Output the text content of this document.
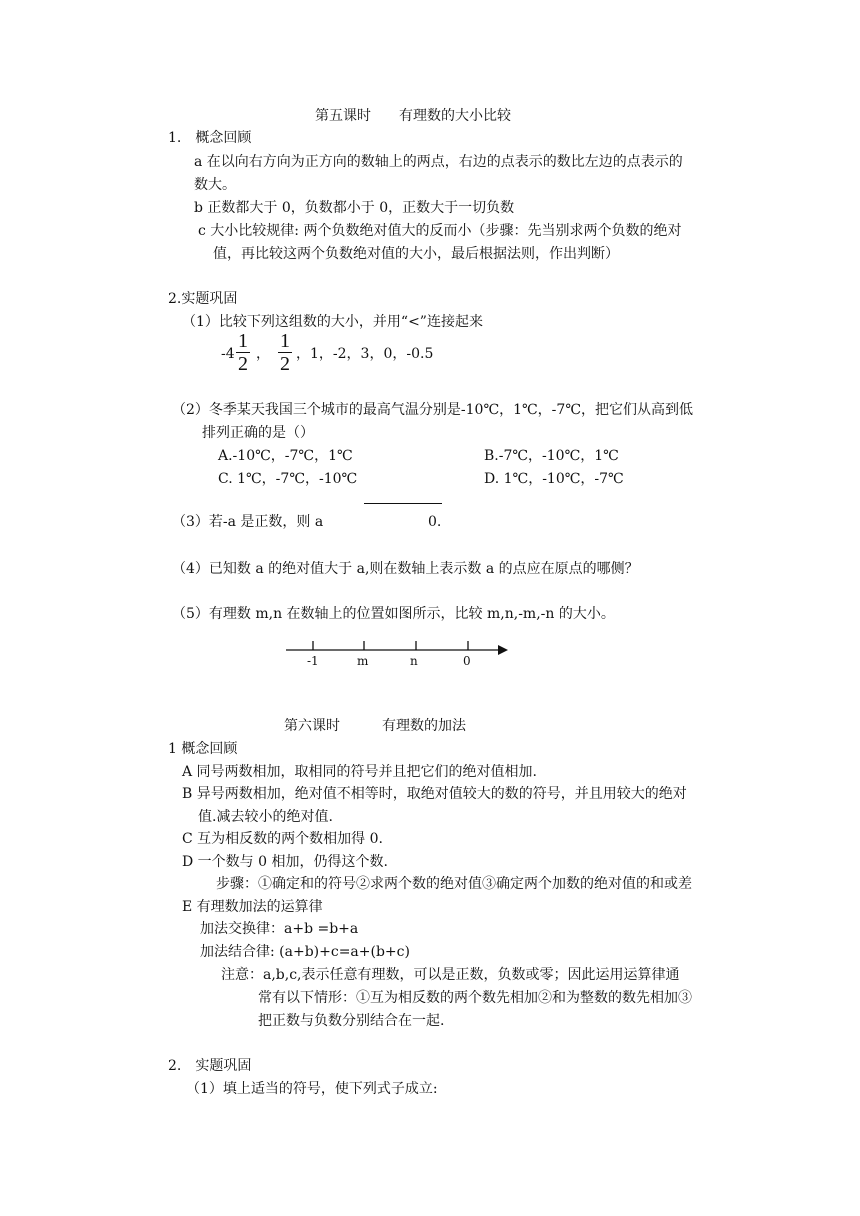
第五课时　　有理数的大小比较
1.　概念回顾
a 在以向右方向为正方向的数轴上的两点，右边的点表示的数比左边的点表示的
数大。
b 正数都大于 0，负数都小于 0，正数大于一切负数
c 大小比较规律: 两个负数绝对值大的反而小（步骤：先当别求两个负数的绝对
值，再比较这两个负数绝对值的大小，最后根据法则，作出判断）
2.实题巩固
（1）比较下列这组数的大小，并用“<”连接起来
$-4 \frac{1}{2}$ ， $\frac{1}{2}$ ，1，-2，3，0，-0.5
（2）冬季某天我国三个城市的最高气温分别是-10℃，1℃，-7℃，把它们从高到低
排列正确的是（）
A.-10℃，-7℃，1℃	B.-7℃，-10℃，1℃
C. 1℃，-7℃，-10℃	D. 1℃，-10℃，-7℃
（3）若-a 是正数，则 a	0.
（4）已知数 a 的绝对值大于 a,则在数轴上表示数 a 的点应在原点的哪侧？
（5）有理数 m,n 在数轴上的位置如图所示，比较 m,n,-m,-n 的大小。
-1	m	n	0
第六课时　　　有理数的加法
1 概念回顾
A 同号两数相加，取相同的符号并且把它们的绝对值相加.
B 异号两数相加，绝对值不相等时，取绝对值较大的数的符号，并且用较大的绝对
值.减去较小的绝对值.
C 互为相反数的两个数相加得 0.
D 一个数与 0 相加，仍得这个数.
步骤：①确定和的符号②求两个数的绝对值③确定两个加数的绝对值的和或差
E 有理数加法的运算律
加法交换律：a+b =b+a
加法结合律: (a+b)+c=a+(b+c)
注意：a,b,c,表示任意有理数，可以是正数，负数或零；因此运用运算律通
常有以下情形：①互为相反数的两个数先相加②和为整数的数先相加③
把正数与负数分别结合在一起.
2.　实题巩固
（1）填上适当的符号，使下列式子成立:
